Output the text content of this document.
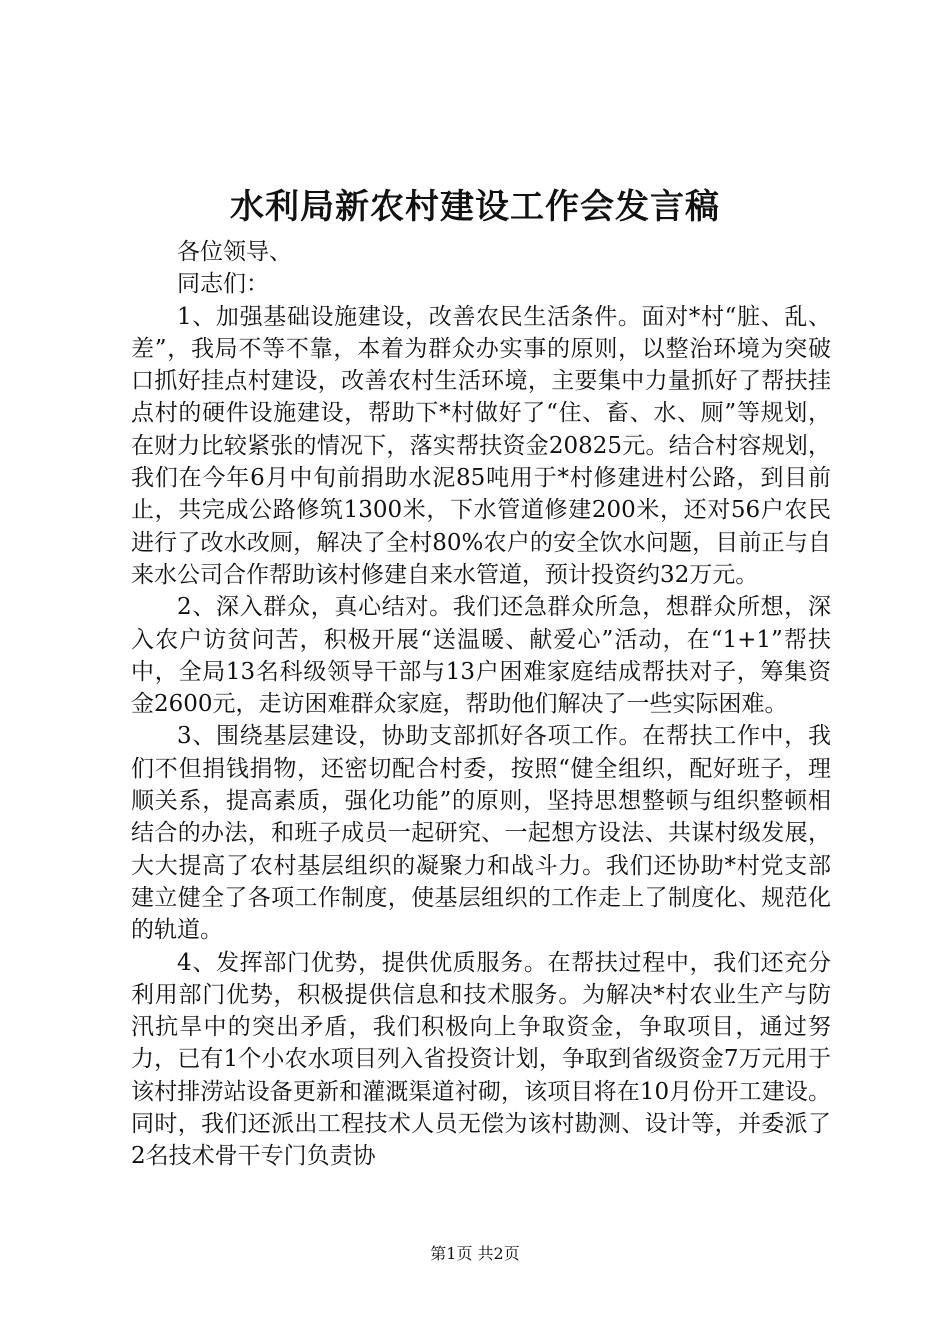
水利局新农村建设工作会发言稿

各位领导、

同志们：

1、加强基础设施建设，改善农民生活条件。面对*村“脏、乱、差”，我局不等不靠，本着为群众办实事的原则，以整治环境为突破口抓好挂点村建设，改善农村生活环境，主要集中力量抓好了帮扶挂点村的硬件设施建设，帮助下*村做好了“住、畜、水、厕”等规划，在财力比较紧张的情况下，落实帮扶资金20825元。结合村容规划，我们在今年6月中旬前捐助水泥85吨用于*村修建进村公路，到目前止，共完成公路修筑1300米，下水管道修建200米，还对56户农民进行了改水改厕，解决了全村80%农户的安全饮水问题，目前正与自来水公司合作帮助该村修建自来水管道，预计投资约32万元。

2、深入群众，真心结对。我们还急群众所急，想群众所想，深入农户访贫问苦，积极开展“送温暖、献爱心”活动，在“1+1”帮扶中，全局13名科级领导干部与13户困难家庭结成帮扶对子，筹集资金2600元，走访困难群众家庭，帮助他们解决了一些实际困难。

3、围绕基层建设，协助支部抓好各项工作。在帮扶工作中，我们不但捐钱捐物，还密切配合村委，按照“健全组织，配好班子，理顺关系，提高素质，强化功能”的原则，坚持思想整顿与组织整顿相结合的办法，和班子成员一起研究、一起想方设法、共谋村级发展，大大提高了农村基层组织的凝聚力和战斗力。我们还协助*村党支部建立健全了各项工作制度，使基层组织的工作走上了制度化、规范化的轨道。

4、发挥部门优势，提供优质服务。在帮扶过程中，我们还充分利用部门优势，积极提供信息和技术服务。为解决*村农业生产与防汛抗旱中的突出矛盾，我们积极向上争取资金，争取项目，通过努力，已有1个小农水项目列入省投资计划，争取到省级资金7万元用于该村排涝站设备更新和灌溉渠道衬砌，该项目将在10月份开工建设。同时，我们还派出工程技术人员无偿为该村勘测、设计等，并委派了2名技术骨干专门负责协

第1页 共2页
